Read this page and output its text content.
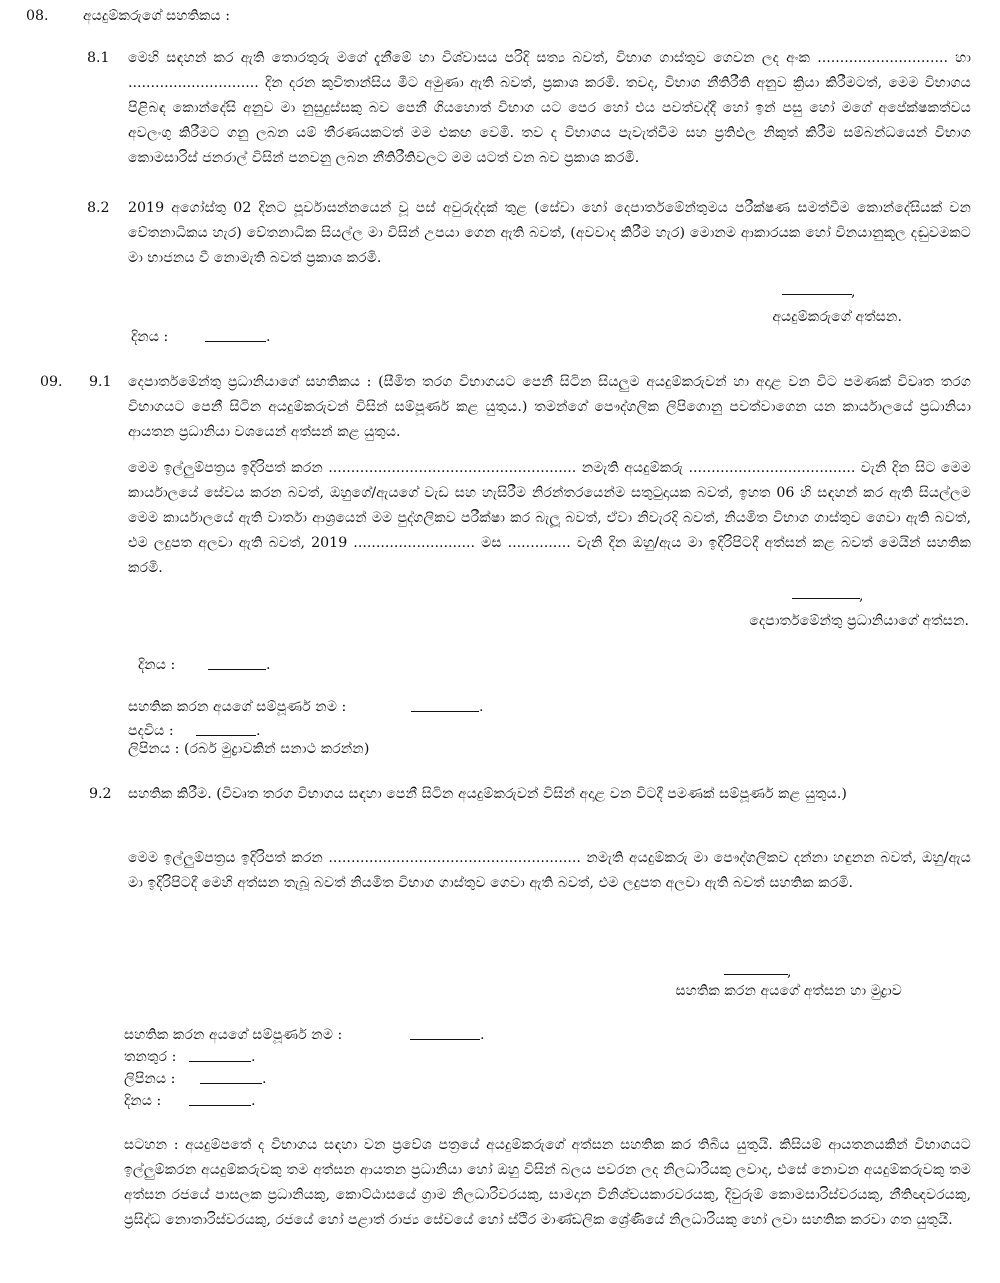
08. අයදුම්කරුගේ සහතිකය :
8.1 මෙහි සඳහන් කර ඇති තොරතුරු මගේ දැනීමේ හා විශ්වාසය පරිදි සත්‍ය බවත්, විභාග ගාස්තුව ගෙවන ලද අංක ............................. හා ............................. දින දරන කුවිතාන්සිය මීට අමුණා ඇති බවත්, ප්‍රකාශ කරමි. තවද, විභාග නීතිරීති අනුව ක්‍රියා කිරීමටත්, මෙම විභාගය පිළිබඳ කොන්දේසි අනුව මා නුසුදුස්සකු බව පෙනී ගියහොත් විභාග යට පෙර හෝ එය පවත්වද්දී හෝ ඉන් පසු හෝ මගේ අපේක්ෂකත්වය අවලංගු කිරීමට ගනු ලබන යම් තීරණයකටත් මම එකඟ වෙමි. තව ද විභාගය පැවැත්වීම සහ ප්‍රතිඵල නිකුත් කිරීම සම්බන්ධයෙන් විභාග කොමසාරිස් ජනරාල් විසින් පනවනු ලබන නීතිරීතිවලට මම යටත් වන බව ප්‍රකාශ කරමි.
8.2 2019 අගෝස්තු 02 දිනට පූර්වාසන්නයෙන් වූ පස් අවුරුද්දක් තුළ (සේවා හෝ දෙපාර්තමේන්තුමය පරීක්ෂණ සමත්වීම කොන්දේසියක් වන වේතනාධිකය හැර) වේතනාධික සියල්ල මා විසින් උපයා ගෙන ඇති බවත්, (අවවාද කිරීම හැර) මොනම ආකාරයක හෝ විනයානුකූල දඬුවමකට මා භාජනය වී නොමැති බවත් ප්‍රකාශ කරමි.
,
අයදුම්කරුගේ අත්සන.
දිනය :	.
09. 9.1 දෙපාර්තමේන්තු ප්‍රධානියාගේ සහතිකය : (සීමිත තරග විභාගයට පෙනී සිටින සියලුම අයදුම්කරුවන් හා අදාළ වන විට පමණක් විවෘත තරග විභාගයට පෙනී සිටින අයදුම්කරුවන් විසින් සම්පූර්ණ කළ යුතුය.) තමන්ගේ පෞද්ගලික ලිපිගොනු පවත්වාගෙන යන කාර්යාලයේ ප්‍රධානියා ආයතන ප්‍රධානියා වශයෙන් අත්සන් කළ යුතුය.
මෙම ඉල්ලුම්පත්‍රය ඉදිරිපත් කරන ....................................................... නමැති අයදුම්කරු ..................................... වැනි දින සිට මෙම කාර්යාලයේ සේවය කරන බවත්, ඔහුගේ/ඇයගේ වැඩ සහ හැසිරීම නිරන්තරයෙන්ම සතුටුදායක බවත්, ඉහත 06 හි සඳහන් කර ඇති සියල්ලම මෙම කාර්යාලයේ ඇති වාර්තා ආශ්‍රයෙන් මම පුද්ගලිකව පරීක්ෂා කර බැලූ බවත්, ඒවා නිවැරදි බවත්, නියමිත විභාග ගාස්තුව ගෙවා ඇති බවත්, එම ලදුපත අලවා ඇති බවත්, 2019 ........................... මස .............. වැනි දින ඔහු/ඇය මා ඉදිරිපිටදී අත්සන් කළ බවත් මෙයින් සහතික කරමි.
,
දෙපාර්තමේන්තු ප්‍රධානියාගේ අත්සන.
දිනය :	.
සහතික කරන අයගේ සම්පූර්ණ නම :	.
පදවිය :	.
ලිපිනය : (රබර් මුද්‍රාවකින් සනාථ කරන්න)
9.2 සහතික කිරීම. (විවෘත තරග විභාගය සඳහා පෙනී සිටින අයදුම්කරුවන් විසින් අදාළ වන විටදී පමණක් සම්පූර්ණ කළ යුතුය.)
මෙම ඉල්ලුම්පත්‍රය ඉදිරිපත් කරන ........................................................ නමැති අයදුම්කරු මා පෞද්ගලිකව දන්නා හඳුනන බවත්, ඔහු/ඇය මා ඉදිරිපිටදී මෙහි අත්සන තැබූ බවත් නියමිත විභාග ගාස්තුව ගෙවා ඇති බවත්, එම ලදුපත අලවා ඇති බවත් සහතික කරමි.
,
සහතික කරන අයගේ අත්සන හා මුද්‍රාව
සහතික කරන අයගේ සම්පූර්ණ නම :	.
තනතුර :	.
ලිපිනය :	.
දිනය :	.
සටහන : අයදුම්පතේ ද විභාගය සඳහා වන ප්‍රවේශ පත්‍රයේ අයදුම්කරුගේ අත්සන සහතික කර තිබිය යුතුයි. කිසියම් ආයතනයකින් විභාගයට ඉල්ලුම්කරන අයදුම්කරුවකු තම අත්සන ආයතන ප්‍රධානියා හෝ ඔහු විසින් බලය පවරන ලද නිලධාරියකු ලවාද, එසේ නොවන අයදුම්කරුවකු තම අත්සන රජයේ පාසලක ප්‍රධානියකු, කොට්ඨාසයේ ග්‍රාම නිලධාරිවරයකු, සාමදාන විනිශ්චයකාරවරයකු, දිවුරුම් කොමසාරිස්වරයකු, නීතිඥවරයකු, ප්‍රසිද්ධ නොතාරිස්වරයකු, රජයේ හෝ පළාත් රාජ්‍ය සේවයේ හෝ ස්ථිර මාණ්ඩලික ශ්‍රේණියේ නිලධාරියකු හෝ ලවා සහතික කරවා ගත යුතුයි.
